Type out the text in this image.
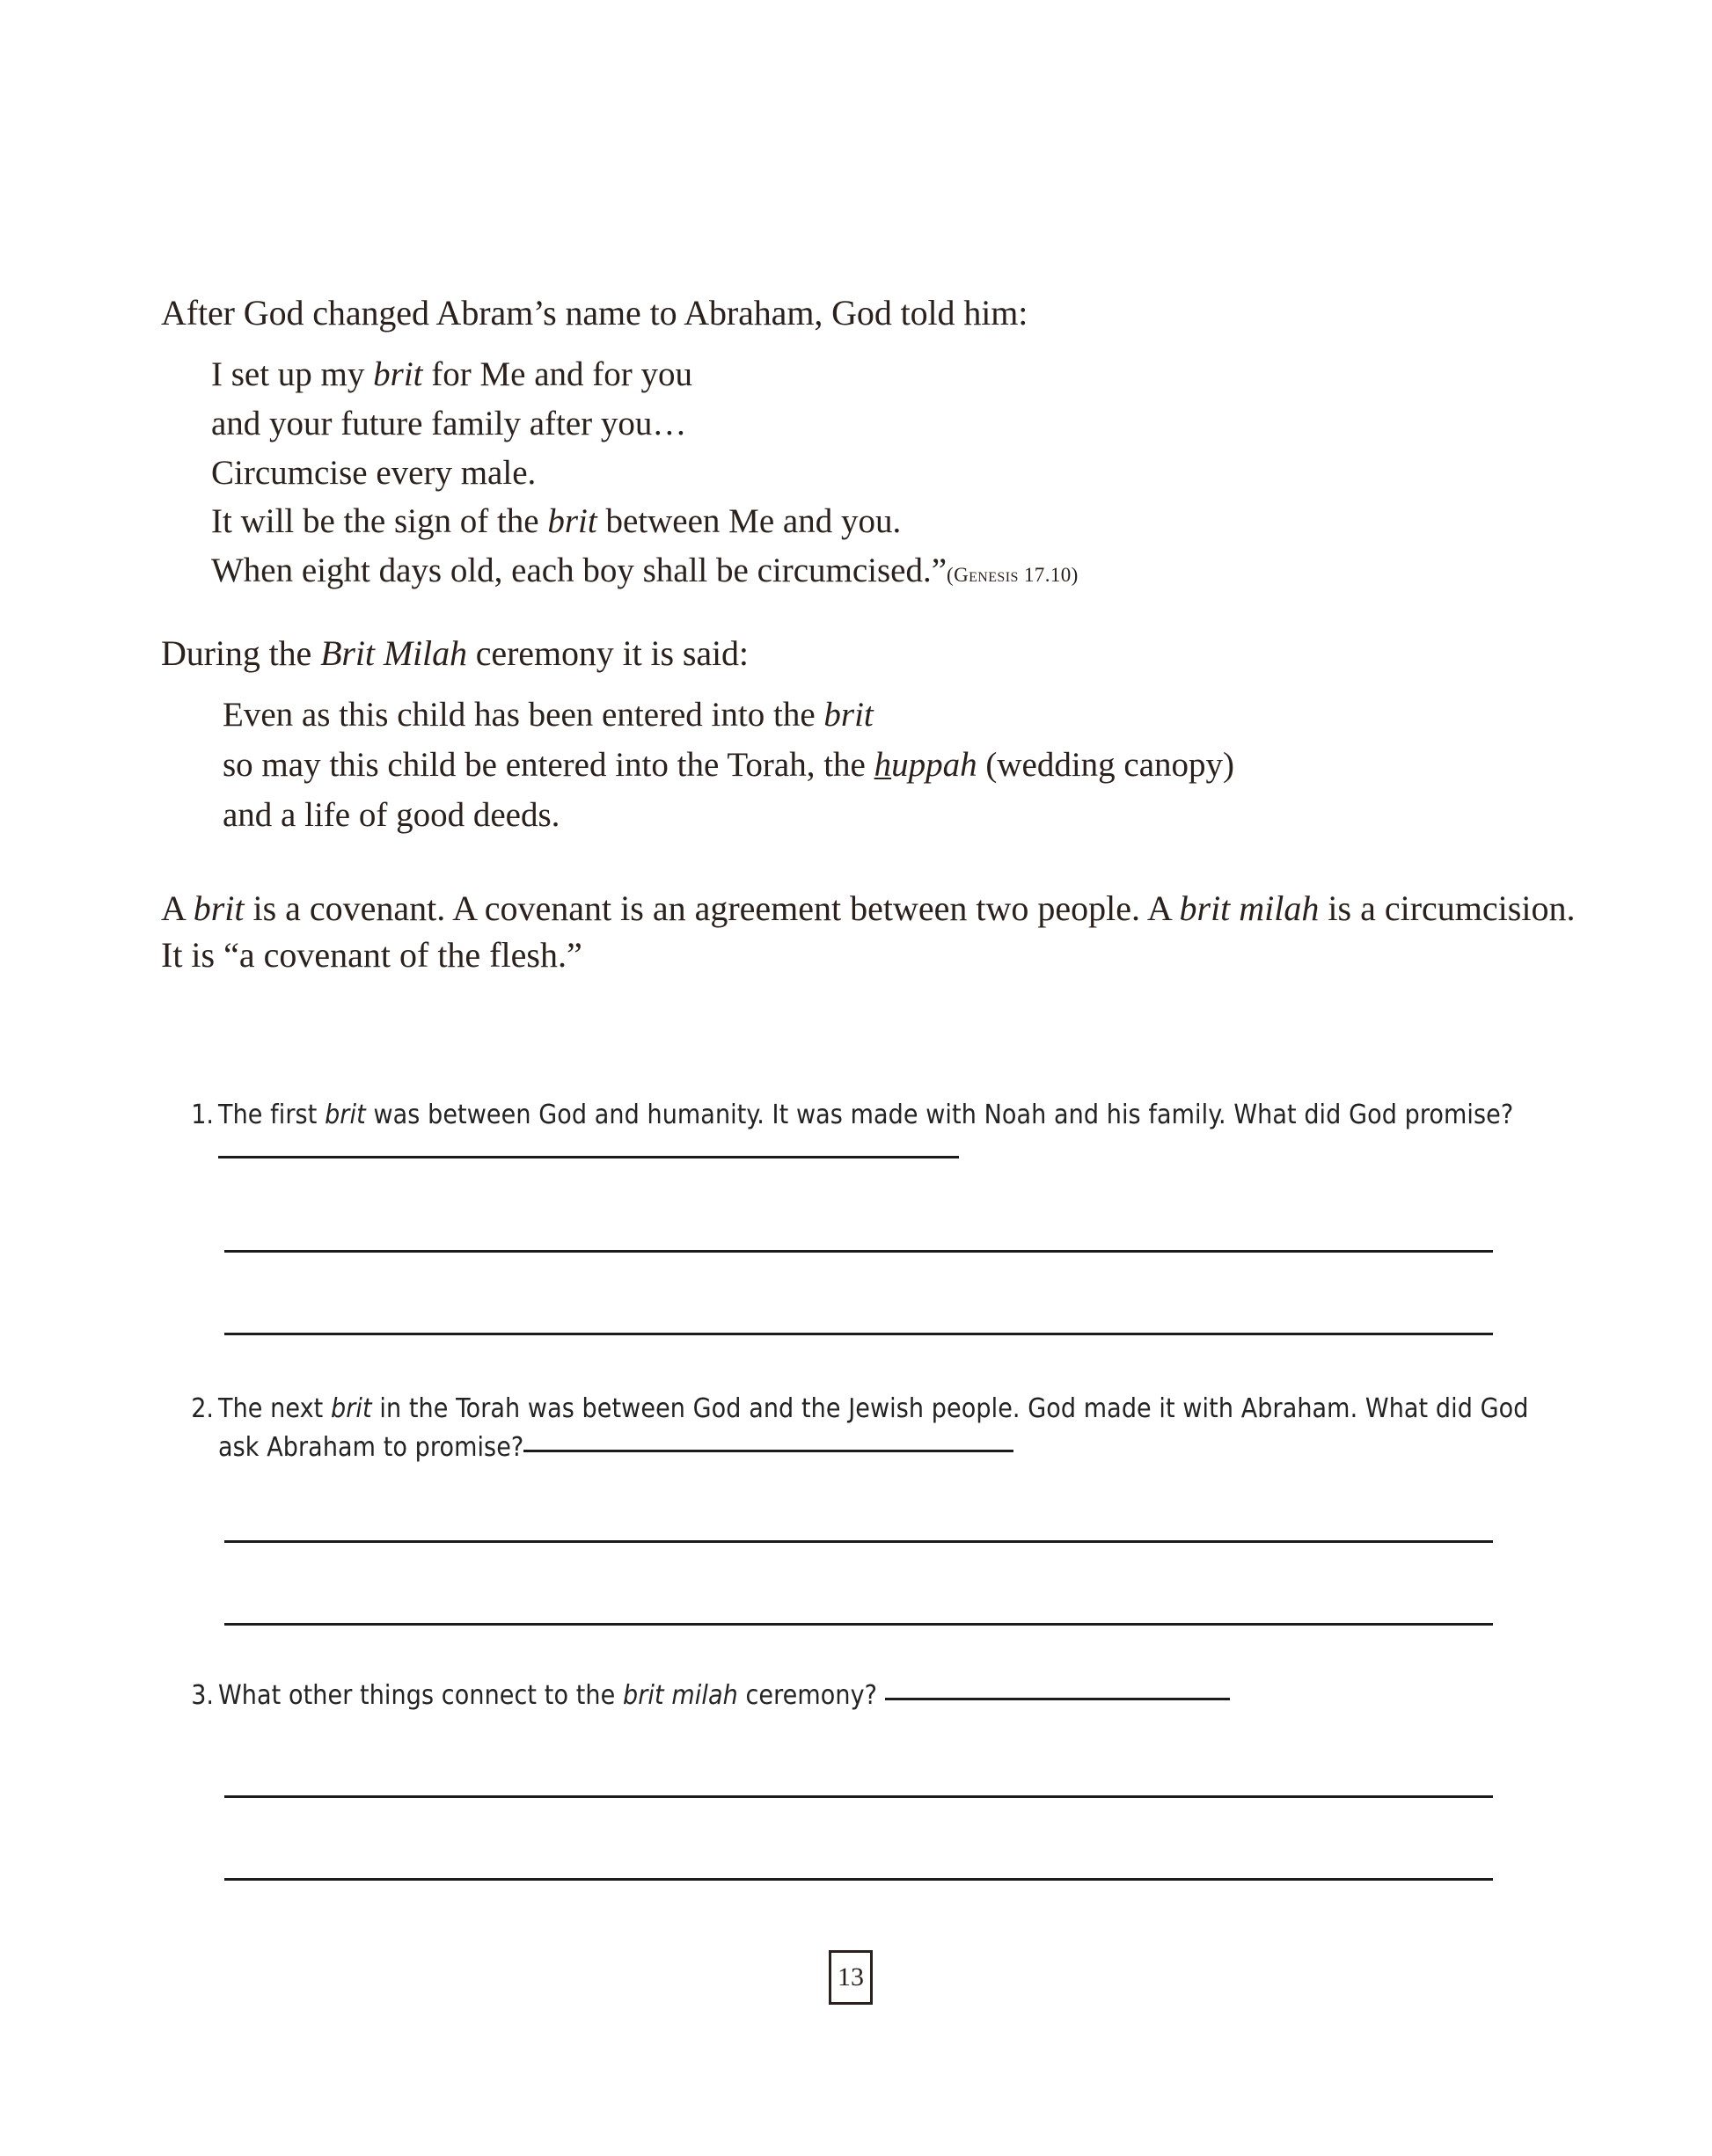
After God changed Abram’s name to Abraham, God told him:

I set up my brit for Me and for you
and your future family after you…
Circumcise every male.
It will be the sign of the brit between Me and you.
When eight days old, each boy shall be circumcised.”(Genesis 17.10)

During the Brit Milah ceremony it is said:

Even as this child has been entered into the brit
so may this child be entered into the Torah, the huppah (wedding canopy)
and a life of good deeds.

A brit is a covenant. A covenant is an agreement between two people. A brit milah is a circumcision. It is “a covenant of the flesh.”

1. The first brit was between God and humanity. It was made with Noah and his family. What did God promise?
2. The next brit in the Torah was between God and the Jewish people. God made it with Abraham. What did God ask Abraham to promise?
3. What other things connect to the brit milah ceremony?
13
